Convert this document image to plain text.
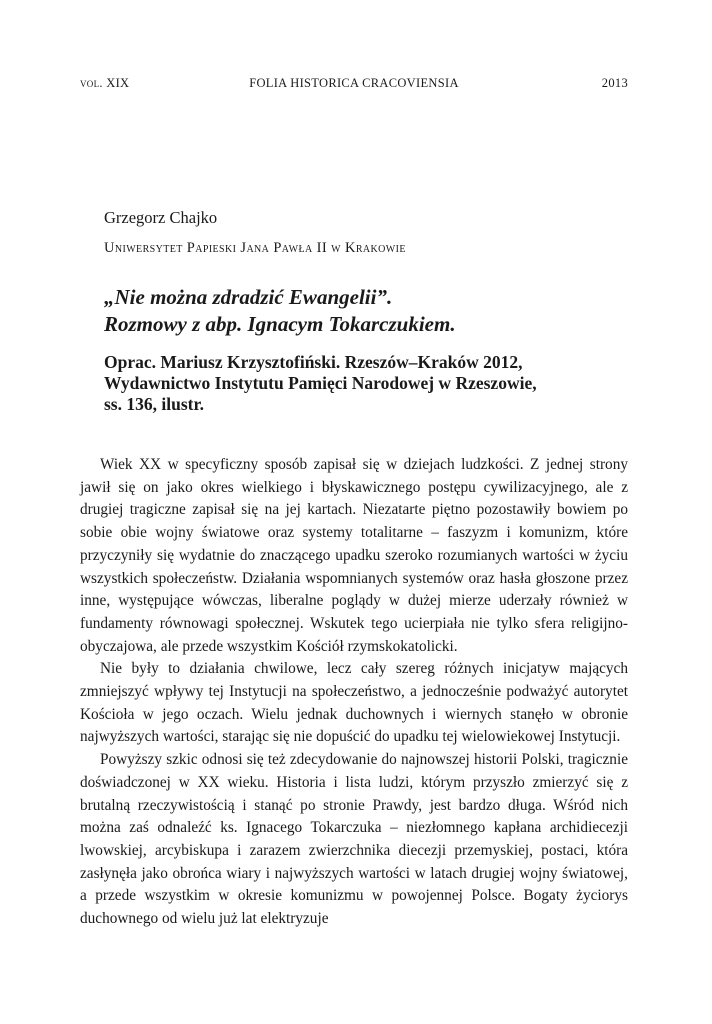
vol. XIX	FOLIA HISTORICA CRACOVIENSIA	2013
Grzegorz Chajko
Uniwersytet Papieski Jana Pawła II w Krakowie
„Nie można zdradzić Ewangelii”.
Rozmowy z abp. Ignacym Tokarczukiem.
Oprac. Mariusz Krzysztofiński. Rzeszów–Kraków 2012,
Wydawnictwo Instytutu Pamięci Narodowej w Rzeszowie,
ss. 136, ilustr.

Wiek XX w specyficzny sposób zapisał się w dziejach ludzkości. Z jednej strony jawił się on jako okres wielkiego i błyskawicznego postępu cywilizacyjnego, ale z drugiej tragiczne zapisał się na jej kartach. Niezatarte piętno pozostawiły bowiem po sobie obie wojny światowe oraz systemy totalitarne – faszyzm i komunizm, które przyczyniły się wydatnie do znaczącego upadku szeroko rozumianych wartości w życiu wszystkich społeczeństw. Działania wspomnianych systemów oraz hasła głoszone przez inne, występujące wówczas, liberalne poglądy w dużej mierze uderzały również w fundamenty równowagi społecznej. Wskutek tego ucierpiała nie tylko sfera religijno-obyczajowa, ale przede wszystkim Kościół rzymskokatolicki.

Nie były to działania chwilowe, lecz cały szereg różnych inicjatyw mających zmniejszyć wpływy tej Instytucji na społeczeństwo, a jednocześnie podważyć autorytet Kościoła w jego oczach. Wielu jednak duchownych i wiernych stanęło w obronie najwyższych wartości, starając się nie dopuścić do upadku tej wielowiekowej Instytucji.

Powyższy szkic odnosi się też zdecydowanie do najnowszej historii Polski, tragicznie doświadczonej w XX wieku. Historia i lista ludzi, którym przyszło zmierzyć się z brutalną rzeczywistością i stanąć po stronie Prawdy, jest bardzo długa. Wśród nich można zaś odnaleźć ks. Ignacego Tokarczuka – niezłomnego kapłana archidiecezji lwowskiej, arcybiskupa i zarazem zwierzchnika diecezji przemyskiej, postaci, która zasłynęła jako obrońca wiary i najwyższych wartości w latach drugiej wojny światowej, a przede wszystkim w okresie komunizmu w powojennej Polsce. Bogaty życiorys duchownego od wielu już lat elektryzuje
